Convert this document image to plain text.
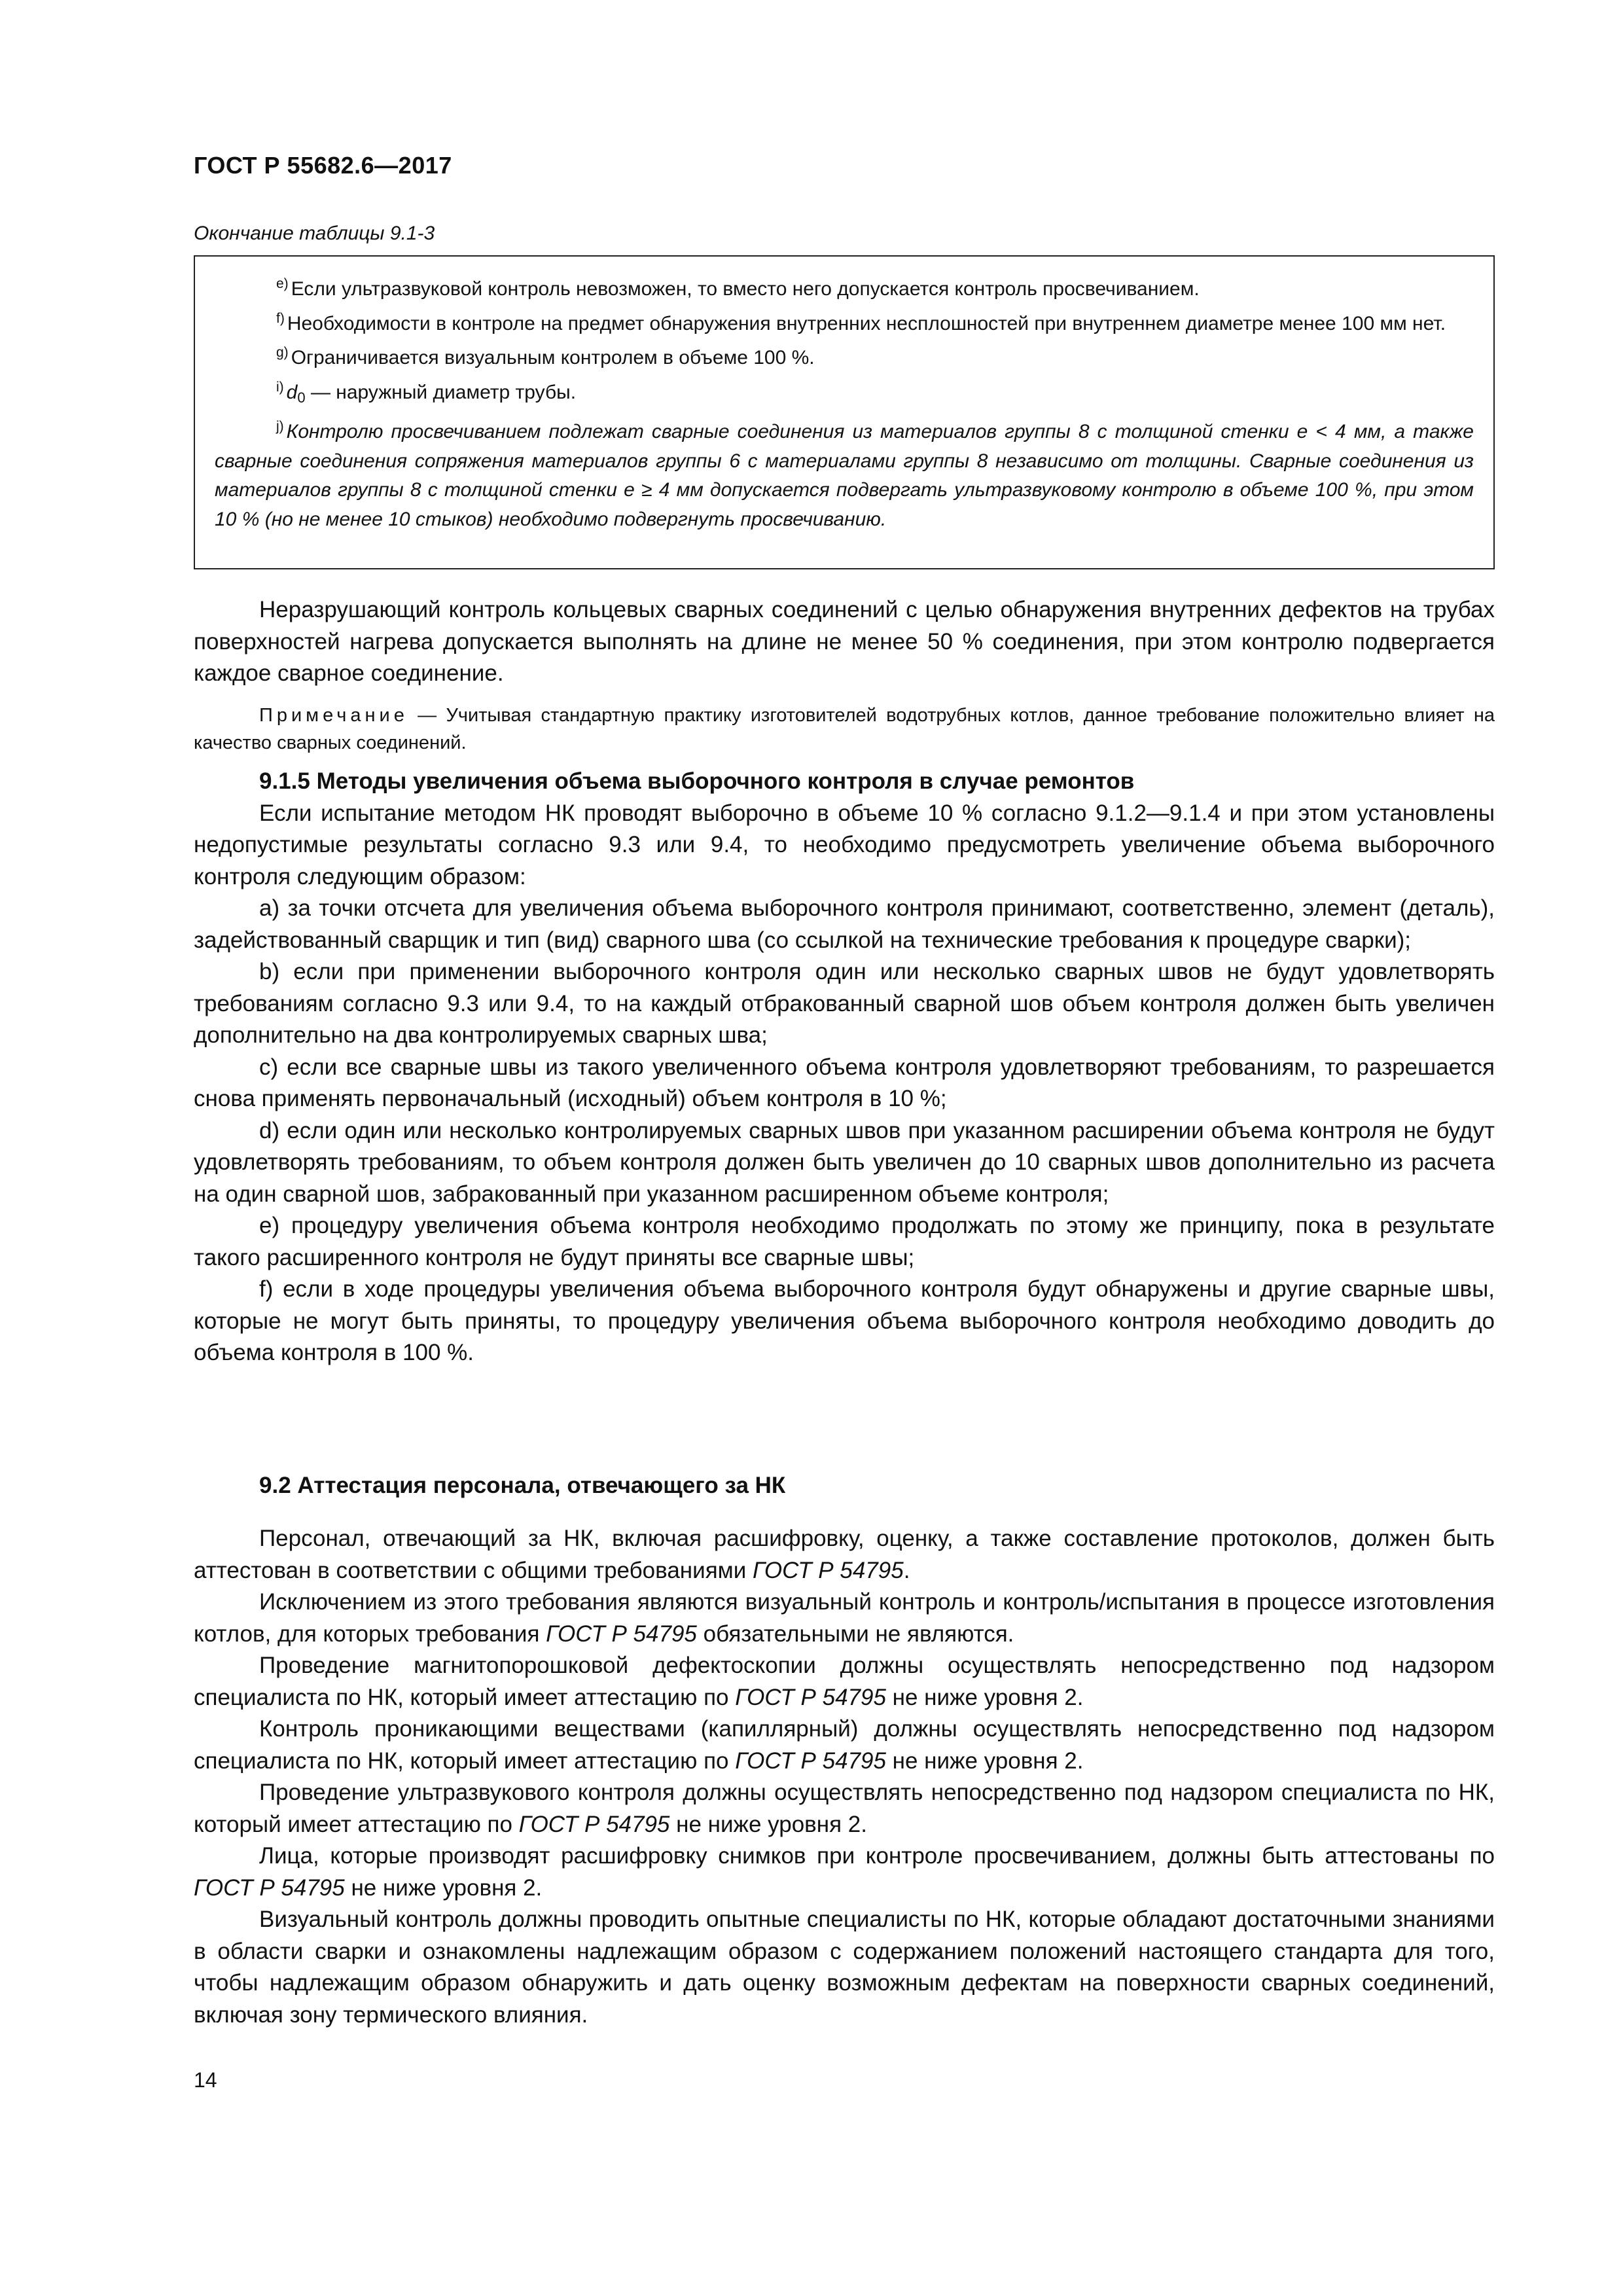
ГОСТ Р 55682.6—2017
Окончание таблицы 9.1-3
$^{e)}$ Если ультразвуковой контроль невозможен, то вместо него допускается контроль просвечиванием.
$^{f)}$ Необходимости в контроле на предмет обнаружения внутренних несплошностей при внутреннем диаметре менее 100 мм нет.
$^{g)}$ Ограничивается визуальным контролем в объеме 100 %.
$^{i)}$ $d_0$ — наружный диаметр трубы.
$^{j)}$ Контролю просвечиванием подлежат сварные соединения из материалов группы 8 с толщиной стенки e < 4 мм, а также сварные соединения сопряжения материалов группы 6 с материалами группы 8 независимо от толщины. Сварные соединения из материалов группы 8 с толщиной стенки e ≥ 4 мм допускается подвергать ультразвуковому контролю в объеме 100 %, при этом 10 % (но не менее 10 стыков) необходимо подвергнуть просвечиванию.

Неразрушающий контроль кольцевых сварных соединений с целью обнаружения внутренних дефектов на трубах поверхностей нагрева допускается выполнять на длине не менее 50 % соединения, при этом контролю подвергается каждое сварное соединение.

Примечание — Учитывая стандартную практику изготовителей водотрубных котлов, данное требование положительно влияет на качество сварных соединений.

9.1.5 Методы увеличения объема выборочного контроля в случае ремонтов

Если испытание методом НК проводят выборочно в объеме 10 % согласно 9.1.2—9.1.4 и при этом установлены недопустимые результаты согласно 9.3 или 9.4, то необходимо предусмотреть увеличение объема выборочного контроля следующим образом:

a) за точки отсчета для увеличения объема выборочного контроля принимают, соответственно, элемент (деталь), задействованный сварщик и тип (вид) сварного шва (со ссылкой на технические требования к процедуре сварки);

b) если при применении выборочного контроля один или несколько сварных швов не будут удовлетворять требованиям согласно 9.3 или 9.4, то на каждый отбракованный сварной шов объем контроля должен быть увеличен дополнительно на два контролируемых сварных шва;

c) если все сварные швы из такого увеличенного объема контроля удовлетворяют требованиям, то разрешается снова применять первоначальный (исходный) объем контроля в 10 %;

d) если один или несколько контролируемых сварных швов при указанном расширении объема контроля не будут удовлетворять требованиям, то объем контроля должен быть увеличен до 10 сварных швов дополнительно из расчета на один сварной шов, забракованный при указанном расширенном объеме контроля;

e) процедуру увеличения объема контроля необходимо продолжать по этому же принципу, пока в результате такого расширенного контроля не будут приняты все сварные швы;

f) если в ходе процедуры увеличения объема выборочного контроля будут обнаружены и другие сварные швы, которые не могут быть приняты, то процедуру увеличения объема выборочного контроля необходимо доводить до объема контроля в 100 %.

9.2 Аттестация персонала, отвечающего за НК

Персонал, отвечающий за НК, включая расшифровку, оценку, а также составление протоколов, должен быть аттестован в соответствии с общими требованиями ГОСТ Р 54795.

Исключением из этого требования являются визуальный контроль и контроль/испытания в процессе изготовления котлов, для которых требования ГОСТ Р 54795 обязательными не являются.

Проведение магнитопорошковой дефектоскопии должны осуществлять непосредственно под надзором специалиста по НК, который имеет аттестацию по ГОСТ Р 54795 не ниже уровня 2.

Контроль проникающими веществами (капиллярный) должны осуществлять непосредственно под надзором специалиста по НК, который имеет аттестацию по ГОСТ Р 54795 не ниже уровня 2.

Проведение ультразвукового контроля должны осуществлять непосредственно под надзором специалиста по НК, который имеет аттестацию по ГОСТ Р 54795 не ниже уровня 2.

Лица, которые производят расшифровку снимков при контроле просвечиванием, должны быть аттестованы по ГОСТ Р 54795 не ниже уровня 2.

Визуальный контроль должны проводить опытные специалисты по НК, которые обладают достаточными знаниями в области сварки и ознакомлены надлежащим образом с содержанием положений настоящего стандарта для того, чтобы надлежащим образом обнаружить и дать оценку возможным дефектам на поверхности сварных соединений, включая зону термического влияния.

14
